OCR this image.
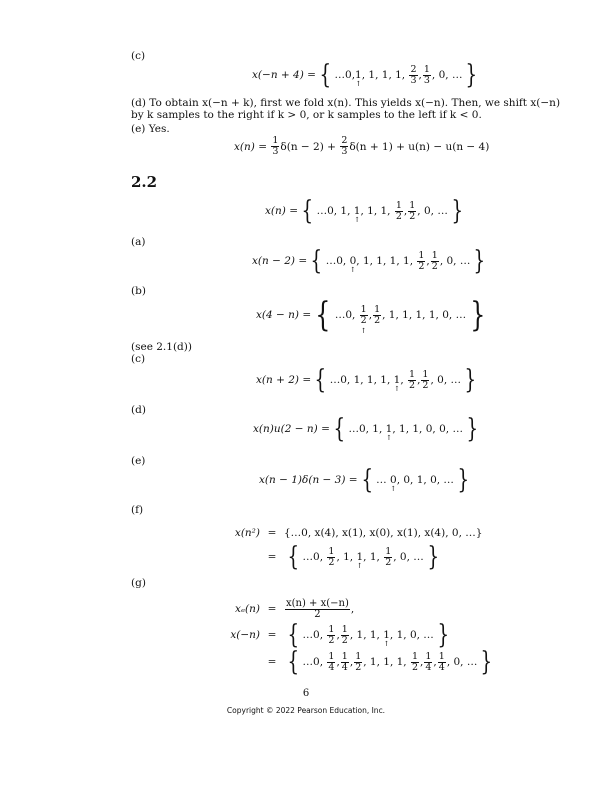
(c)
x(−n + 4) = { …0, 1
↑
, 1, 1, 1, $\frac{2}{3}$ , $\frac{1}{3}$ , 0, … }
(d) To obtain x(−n + k), first we fold x(n). This yields x(−n). Then, we shift x(−n) by k samples to the right if k > 0, or k samples to the left if k < 0.
(e) Yes.
x(n) =
$\frac{1}{3} \delta(n - 2) + \frac{2}{3} \delta(n + 1) + u(n) - u(n - 4)$
2.2
x(n) = { …0, 1, 1
↑
, 1, 1, $\frac{1}{2}$ , $\frac{1}{2}$ , 0, … }
(a)
x(n − 2) = { …0, 0
↑
, 1, 1, 1, 1, $\frac{1}{2}$ , $\frac{1}{2}$ , 0, … }
(b)
x(4 − n) = { …0, $\frac{1}{2}$
↑
, $\frac{1}{2}$ , 1, 1, 1, 1, 0, … }
(see 2.1(d))
(c)
x(n + 2) = { …0, 1, 1, 1, 1
↑
, $\frac{1}{2}$ , $\frac{1}{2}$ , 0, … }
(d)
x(n)u(2 − n) = { …0, 1, 1
↑
, 1, 1, 0, 0, … }
(e)
x(n − 1)δ(n − 3) = { … 0
↑
, 0, 1, 0, … }
(f)
x(n²) = {…0, x(4), x(1), x(0), x(1), x(4), 0, …}
= { …0, $\frac{1}{2}$ , 1, 1
↑
, 1, $\frac{1}{2}$ , 0, … }
(g)
$x_e(n) = \frac{x(n) + x(-n)}{2}$ ,
x(−n) = { …0, $\frac{1}{2}$ , $\frac{1}{2}$ , 1, 1, 1
↑
, 1, 0, … }
= { …0, $\frac{1}{4}$ , $\frac{1}{4}$ , $\frac{1}{2}$ , 1, 1, 1, $\frac{1}{2}$ , $\frac{1}{4}$ , $\frac{1}{4}$ , 0, … }
6
Copyright © 2022 Pearson Education, Inc.
